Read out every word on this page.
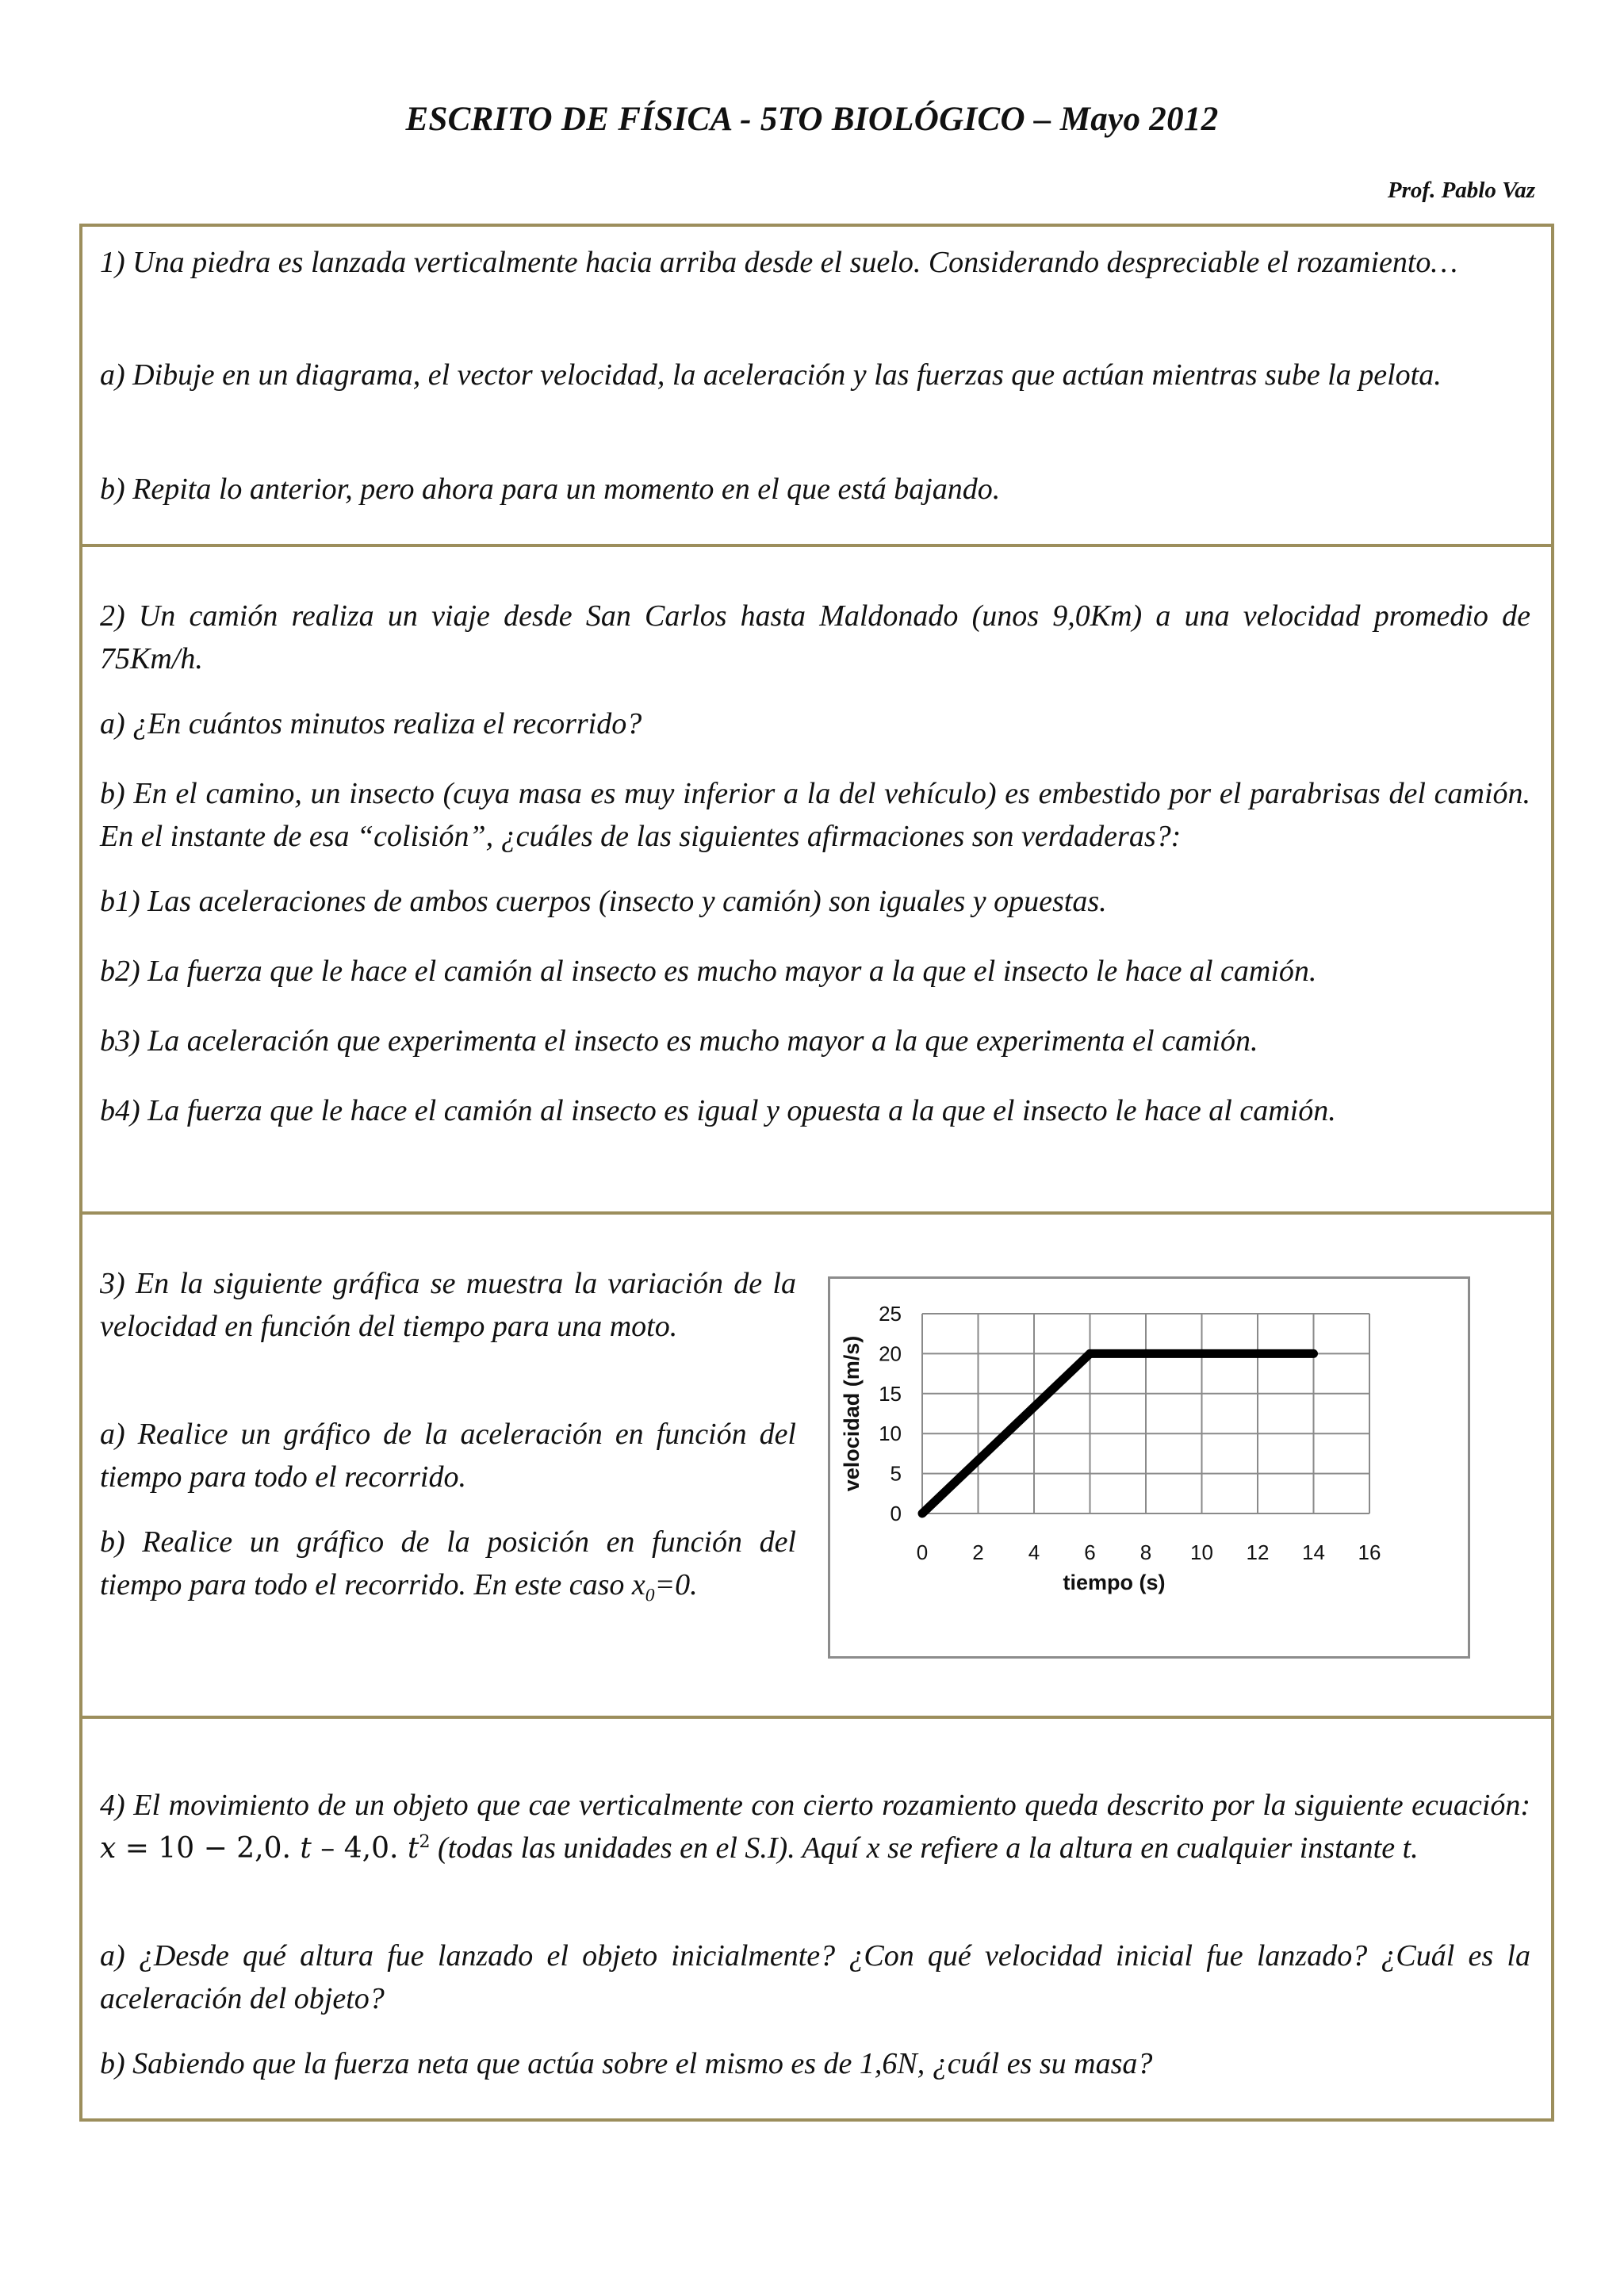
ESCRITO DE FÍSICA - 5TO BIOLÓGICO – Mayo 2012
Prof. Pablo Vaz

1) Una piedra es lanzada verticalmente hacia arriba desde el suelo. Considerando despreciable el rozamiento…

a) Dibuje en un diagrama, el vector velocidad, la aceleración y las fuerzas que actúan mientras sube la pelota.

b) Repita lo anterior, pero ahora para un momento en el que está bajando.

2) Un camión realiza un viaje desde San Carlos hasta Maldonado (unos 9,0Km) a una velocidad promedio de 75Km/h.

a) ¿En cuántos minutos realiza el recorrido?

b) En el camino, un insecto (cuya masa es muy inferior a la del vehículo) es embestido por el parabrisas del camión. En el instante de esa “colisión”, ¿cuáles de las siguientes afirmaciones son verdaderas?:

b1) Las aceleraciones de ambos cuerpos (insecto y camión) son iguales y opuestas.

b2) La fuerza que le hace el camión al insecto es mucho mayor a la que el insecto le hace al camión.

b3) La aceleración que experimenta el insecto es mucho mayor a la que experimenta el camión.

b4) La fuerza que le hace el camión al insecto es igual y opuesta a la que el insecto le hace al camión.

3) En la siguiente gráfica se muestra la variación de la velocidad en función del tiempo para una moto.

a) Realice un gráfico de la aceleración en función del tiempo para todo el recorrido.

b) Realice un gráfico de la posición en función del tiempo para todo el recorrido. En este caso $x_0=0$.

0
5
10
15
20
25
0 2 4 6 8 10 12 14 16
tiempo (s)
velocidad (m/s)

4) El movimiento de un objeto que cae verticalmente con cierto rozamiento queda descrito por la siguiente ecuación: x = 10 − 2,0. t – 4,0. $t^2$ (todas las unidades en el S.I). Aquí x se refiere a la altura en cualquier instante t.

a) ¿Desde qué altura fue lanzado el objeto inicialmente? ¿Con qué velocidad inicial fue lanzado? ¿Cuál es la aceleración del objeto?

b) Sabiendo que la fuerza neta que actúa sobre el mismo es de 1,6N, ¿cuál es su masa?
